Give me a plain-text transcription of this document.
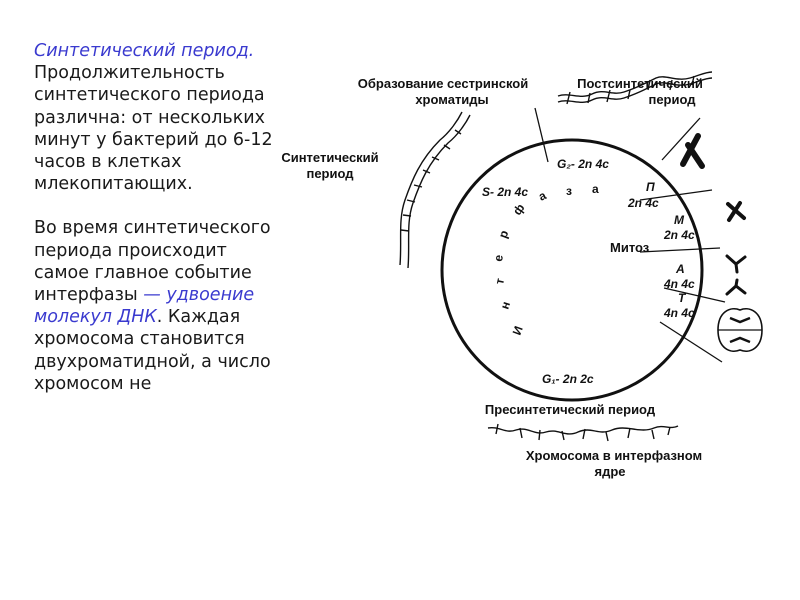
Синтетический период.
Продолжительность синтетического периода различна: от нескольких минут у бактерий до 6-12 часов в клетках млекопитающих.

Во время синтетического периода происходит самое главное событие интерфазы — удвоение молекул ДНК. Каждая хромосома становится двухроматидной, а число хромосом не

Образование сестринской
хроматиды
Постсинтетический
период
Синтетический
период
Пресинтетический период
Хромосома в интерфазном
ядре
Митоз
G₂- 2n 4c
S- 2n 4c
G₁- 2n 2c
П
2n 4c
М
2n 4c
А
4n 4c
Т
4n 4c
И
н
т
е
р
ф
а з а
